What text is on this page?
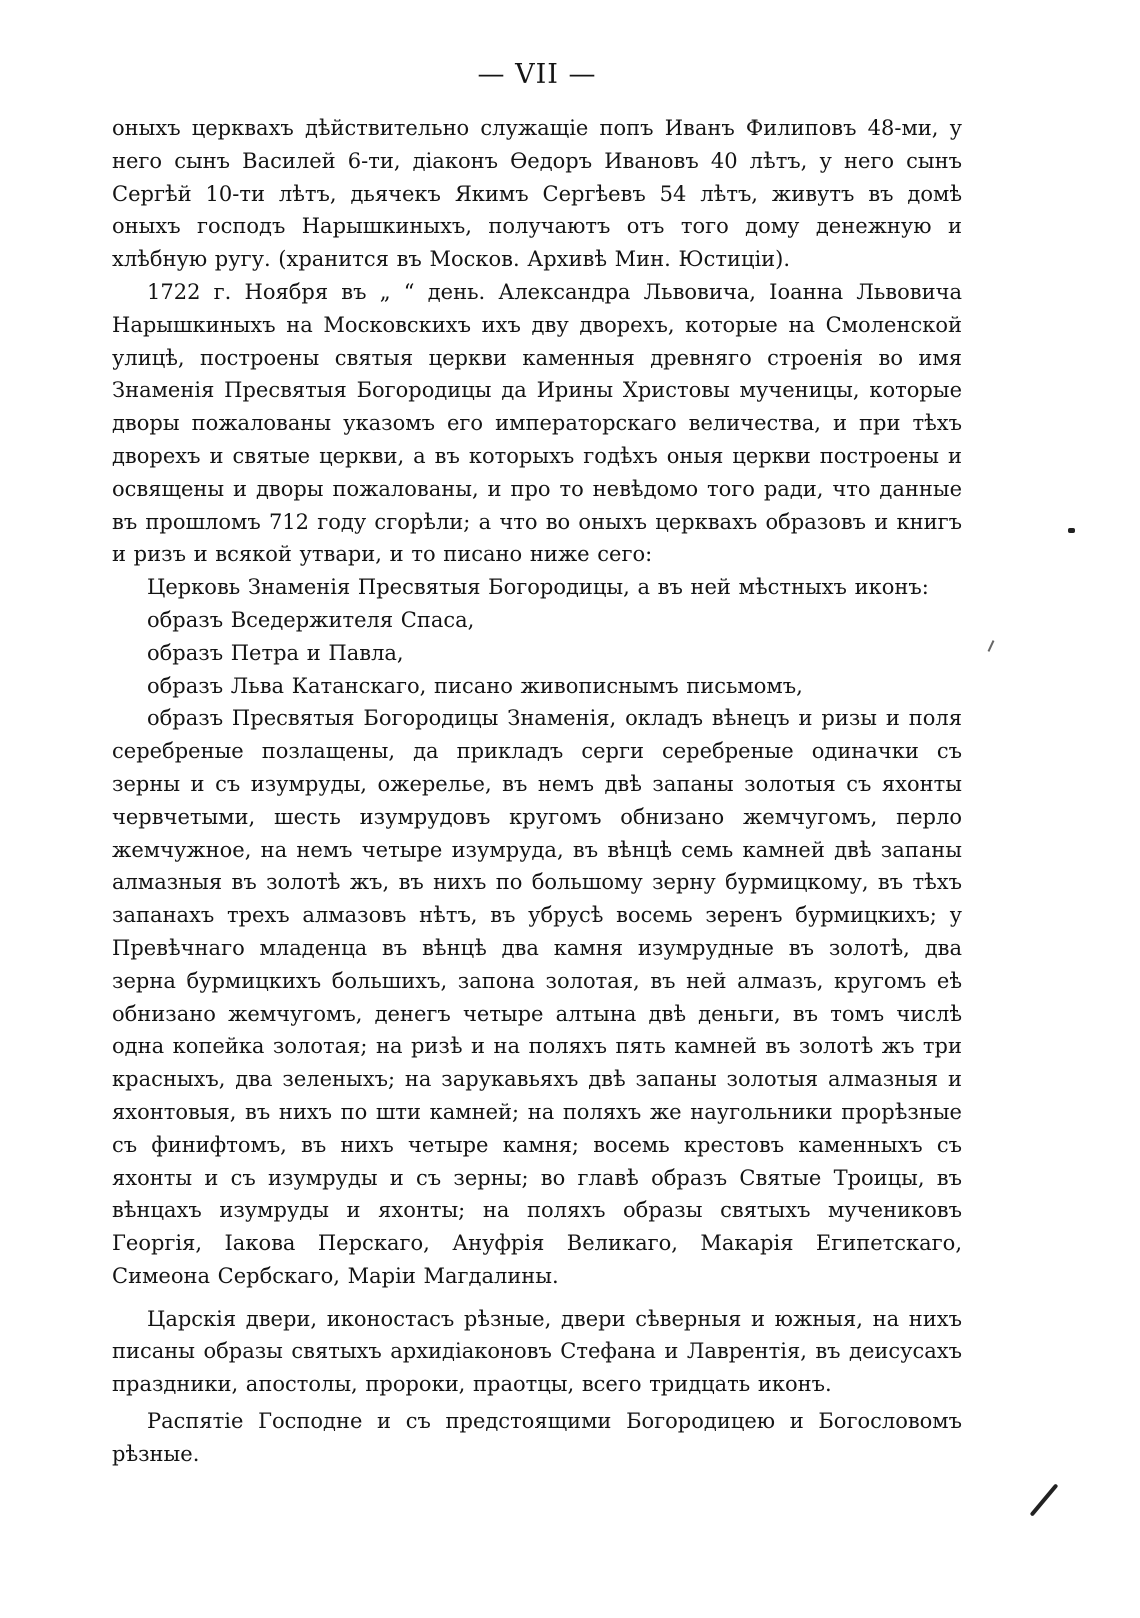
— VII —

оныхъ церквахъ дѣйствительно служащіе попъ Иванъ Филиповъ 48-ми, у него сынъ Василей 6-ти, діаконъ Ѳедоръ Ивановъ 40 лѣтъ, у него сынъ Сергѣй 10-ти лѣтъ, дьячекъ Якимъ Сергѣевъ 54 лѣтъ, живутъ въ домѣ оныхъ господъ Нарышкиныхъ, получаютъ отъ того дому денежную и хлѣбную ругу. (хранится въ Москов. Архивѣ Мин. Юстиціи).

1722 г. Ноября въ „ “ день. Александра Львовича, Іоанна Львовича Нарышкиныхъ на Московскихъ ихъ дву дворехъ, которые на Смоленской улицѣ, построены святыя церкви каменныя древняго строенія во имя Знаменія Пресвятыя Богородицы да Ирины Христовы мученицы, которые дворы пожалованы указомъ его императорскаго величества, и при тѣхъ дворехъ и святые церкви, а въ которыхъ годѣхъ оныя церкви построены и освящены и дворы пожалованы, и про то невѣдомо того ради, что данные въ прошломъ 712 году сгорѣли; а что во оныхъ церквахъ образовъ и книгъ и ризъ и всякой утвари, и то писано ниже сего:

Церковь Знаменія Пресвятыя Богородицы, а въ ней мѣстныхъ иконъ:

образъ Вседержителя Спаса,

образъ Петра и Павла,

образъ Льва Катанскаго, писано живописнымъ письмомъ,

образъ Пресвятыя Богородицы Знаменія, окладъ вѣнецъ и ризы и поля серебреные позлащены, да прикладъ серги серебреные одиначки съ зерны и съ изумруды, ожерелье, въ немъ двѣ запаны золотыя съ яхонты червчетыми, шесть изумрудовъ кругомъ обнизано жемчугомъ, перло жемчужное, на немъ четыре изумруда, въ вѣнцѣ семь камней двѣ запаны алмазныя въ золотѣ жъ, въ нихъ по большому зерну бурмицкому, въ тѣхъ запанахъ трехъ алмазовъ нѣтъ, въ убрусѣ восемь зеренъ бурмицкихъ; у Превѣчнаго младенца въ вѣнцѣ два камня изумрудные въ золотѣ, два зерна бурмицкихъ большихъ, запона золотая, въ ней алмазъ, кругомъ еѣ обнизано жемчугомъ, денегъ четыре алтына двѣ деньги, въ томъ числѣ одна копейка золотая; на ризѣ и на поляхъ пять камней въ золотѣ жъ три красныхъ, два зеленыхъ; на зарукавьяхъ двѣ запаны золотыя алмазныя и яхонтовыя, въ нихъ по шти камней; на поляхъ же наугольники прорѣзные съ финифтомъ, въ нихъ четыре камня; восемь крестовъ каменныхъ съ яхонты и съ изумруды и съ зерны; во главѣ образъ Святые Троицы, въ вѣнцахъ изумруды и яхонты; на поляхъ образы святыхъ мучениковъ Георгія, Іакова Перскаго, Ануфрія Великаго, Макарія Египетскаго, Симеона Сербскаго, Маріи Магдалины.

Царскія двери, иконостасъ рѣзные, двери сѣверныя и южныя, на нихъ писаны образы святыхъ архидіаконовъ Стефана и Лаврентія, въ деисусахъ праздники, апостолы, пророки, праотцы, всего тридцать иконъ.

Распятіе Господне и съ предстоящими Богородицею и Богословомъ рѣзные.
